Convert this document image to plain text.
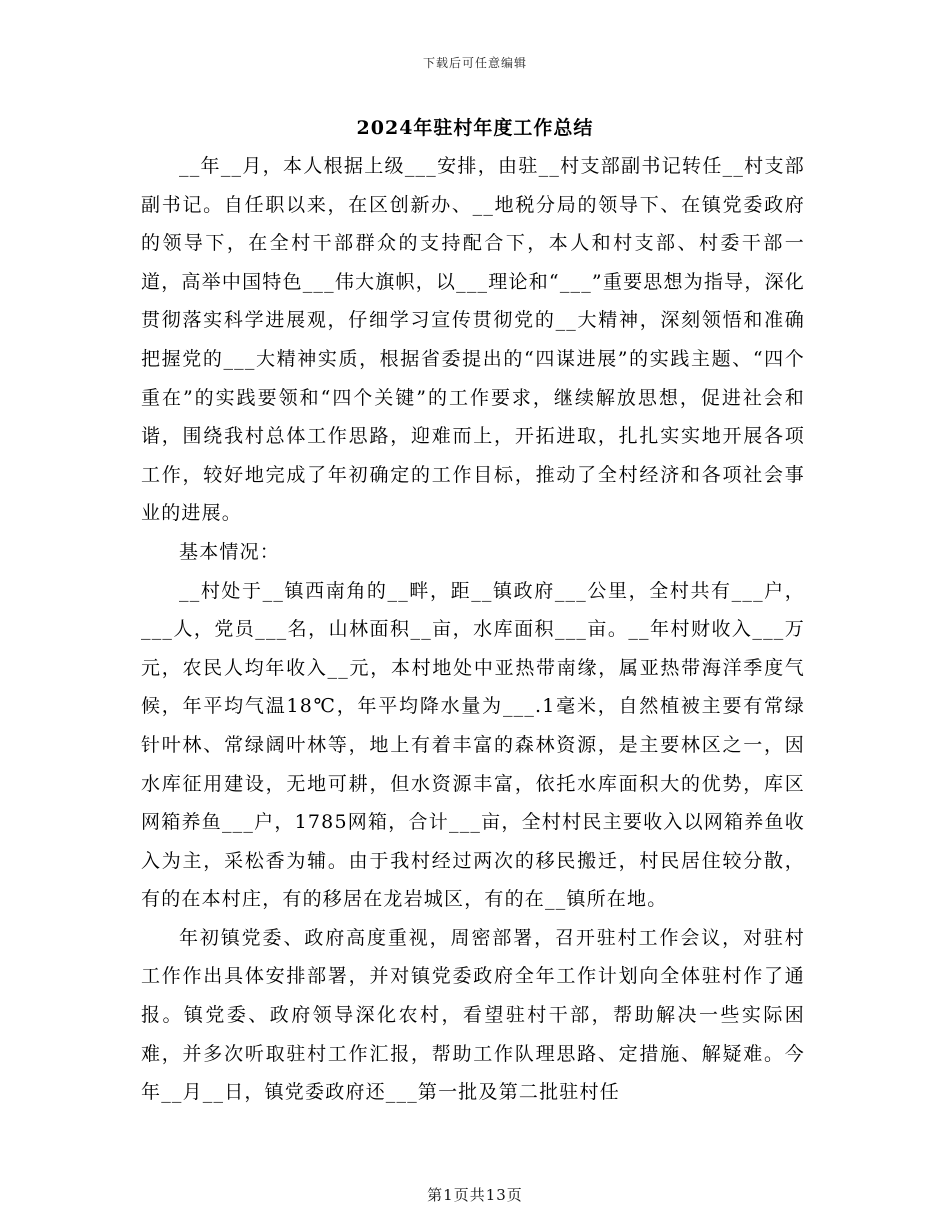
下载后可任意编辑
2024年驻村年度工作总结

__年__月，本人根据上级___安排，由驻__村支部副书记转任__村支部副书记。自任职以来，在区创新办、__地税分局的领导下、在镇党委政府的领导下，在全村干部群众的支持配合下，本人和村支部、村委干部一道，高举中国特色___伟大旗帜，以___理论和“___”重要思想为指导，深化贯彻落实科学进展观，仔细学习宣传贯彻党的__大精神，深刻领悟和准确把握党的___大精神实质，根据省委提出的“四谋进展”的实践主题、“四个重在”的实践要领和“四个关键”的工作要求，继续解放思想，促进社会和谐，围绕我村总体工作思路，迎难而上，开拓进取，扎扎实实地开展各项工作，较好地完成了年初确定的工作目标，推动了全村经济和各项社会事业的进展。

基本情况：

__村处于__镇西南角的__畔，距__镇政府___公里，全村共有___户，___人，党员___名，山林面积__亩，水库面积___亩。__年村财收入___万元，农民人均年收入__元，本村地处中亚热带南缘，属亚热带海洋季度气候，年平均气温18℃，年平均降水量为___.1毫米，自然植被主要有常绿针叶林、常绿阔叶林等，地上有着丰富的森林资源，是主要林区之一，因水库征用建设，无地可耕，但水资源丰富，依托水库面积大的优势，库区网箱养鱼___户，1785网箱，合计___亩，全村村民主要收入以网箱养鱼收入为主，采松香为辅。由于我村经过两次的移民搬迁，村民居住较分散，有的在本村庄，有的移居在龙岩城区，有的在__镇所在地。

年初镇党委、政府高度重视，周密部署，召开驻村工作会议，对驻村工作作出具体安排部署，并对镇党委政府全年工作计划向全体驻村作了通报。镇党委、政府领导深化农村，看望驻村干部，帮助解决一些实际困难，并多次听取驻村工作汇报，帮助工作队理思路、定措施、解疑难。今年__月__日，镇党委政府还___第一批及第二批驻村任

第1页共13页
